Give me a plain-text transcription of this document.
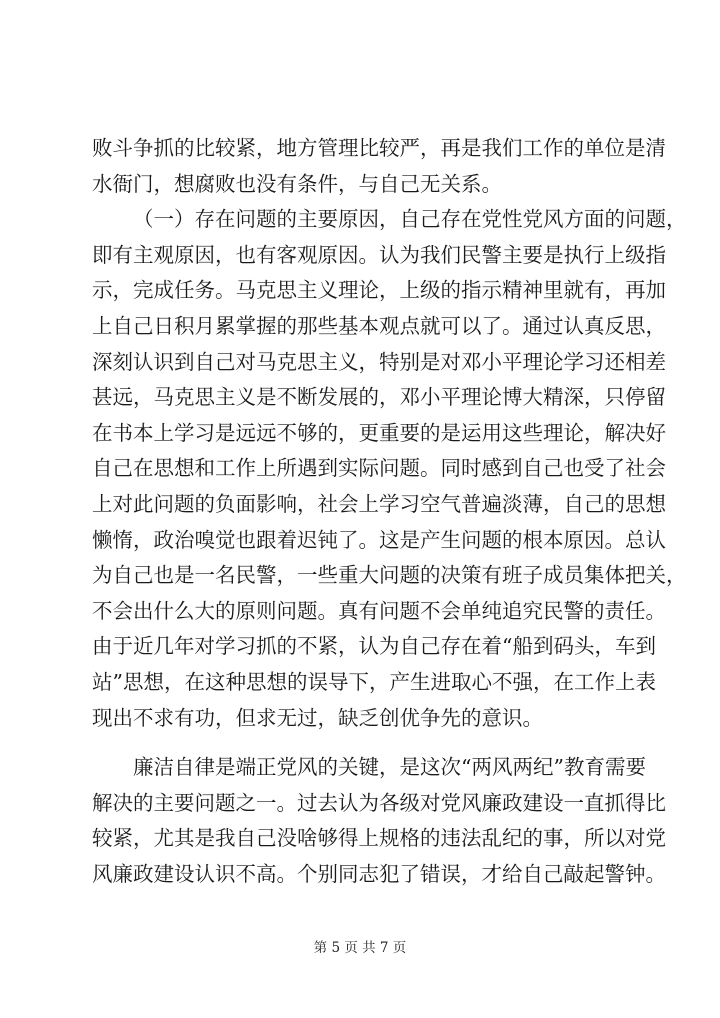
败斗争抓的比较紧，地方管理比较严，再是我们工作的单位是清
水衙门，想腐败也没有条件，与自己无关系。
（一）存在问题的主要原因，自己存在党性党风方面的问题，
即有主观原因，也有客观原因。认为我们民警主要是执行上级指
示，完成任务。马克思主义理论，上级的指示精神里就有，再加
上自己日积月累掌握的那些基本观点就可以了。通过认真反思，
深刻认识到自己对马克思主义，特别是对邓小平理论学习还相差
甚远，马克思主义是不断发展的，邓小平理论博大精深，只停留
在书本上学习是远远不够的，更重要的是运用这些理论，解决好
自己在思想和工作上所遇到实际问题。同时感到自己也受了社会
上对此问题的负面影响，社会上学习空气普遍淡薄，自己的思想
懒惰，政治嗅觉也跟着迟钝了。这是产生问题的根本原因。总认
为自己也是一名民警，一些重大问题的决策有班子成员集体把关，
不会出什么大的原则问题。真有问题不会单纯追究民警的责任。
由于近几年对学习抓的不紧，认为自己存在着“船到码头，车到
站”思想，在这种思想的误导下，产生进取心不强，在工作上表
现出不求有功，但求无过，缺乏创优争先的意识。
廉洁自律是端正党风的关键，是这次“两风两纪”教育需要
解决的主要问题之一。过去认为各级对党风廉政建设一直抓得比
较紧，尤其是我自己没啥够得上规格的违法乱纪的事，所以对党
风廉政建设认识不高。个别同志犯了错误，才给自己敲起警钟。
第 5 页 共 7 页
